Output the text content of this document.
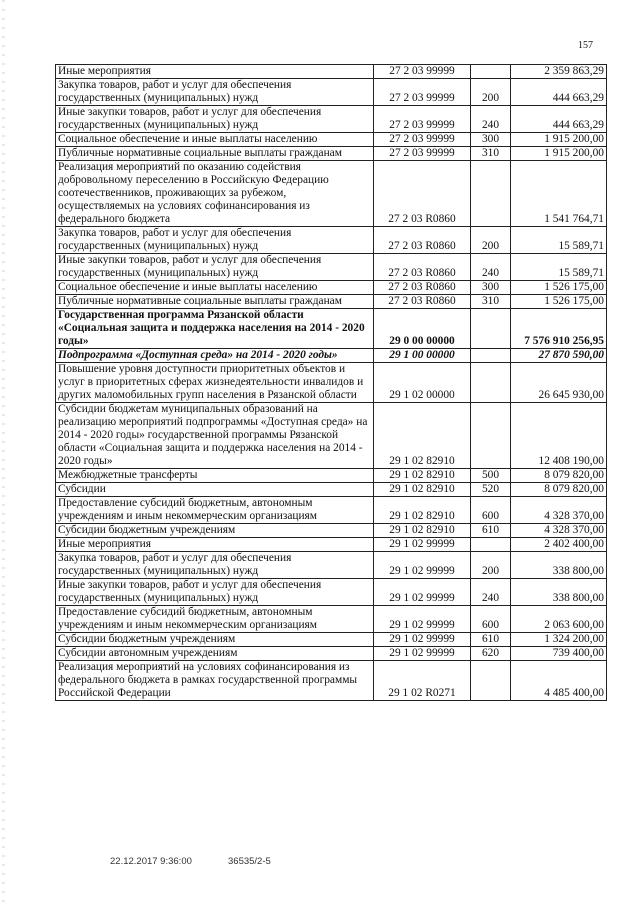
157
Иные мероприятия	27 2 03 99999		2 359 863,29
Закупка товаров, работ и услуг для обеспечения государственных (муниципальных) нужд	27 2 03 99999	200	444 663,29
Иные закупки товаров, работ и услуг для обеспечения государственных (муниципальных) нужд	27 2 03 99999	240	444 663,29
Социальное обеспечение и иные выплаты населению	27 2 03 99999	300	1 915 200,00
Публичные нормативные социальные выплаты гражданам	27 2 03 99999	310	1 915 200,00
Реализация мероприятий по оказанию содействия добровольному переселению в Российскую Федерацию соотечественников, проживающих за рубежом, осуществляемых на условиях софинансирования из федерального бюджета	27 2 03 R0860		1 541 764,71
Закупка товаров, работ и услуг для обеспечения государственных (муниципальных) нужд	27 2 03 R0860	200	15 589,71
Иные закупки товаров, работ и услуг для обеспечения государственных (муниципальных) нужд	27 2 03 R0860	240	15 589,71
Социальное обеспечение и иные выплаты населению	27 2 03 R0860	300	1 526 175,00
Публичные нормативные социальные выплаты гражданам	27 2 03 R0860	310	1 526 175,00
Государственная программа Рязанской области «Социальная защита и поддержка населения на 2014 - 2020 годы»	29 0 00 00000		7 576 910 256,95
Подпрограмма «Доступная среда» на 2014 - 2020 годы»	29 1 00 00000		27 870 590,00
Повышение уровня доступности приоритетных объектов и услуг в приоритетных сферах жизнедеятельности инвалидов и других маломобильных групп населения в Рязанской области	29 1 02 00000		26 645 930,00
Субсидии бюджетам муниципальных образований на реализацию мероприятий подпрограммы «Доступная среда» на 2014 - 2020 годы» государственной программы Рязанской области «Социальная защита и поддержка населения на 2014 - 2020 годы»	29 1 02 82910		12 408 190,00
Межбюджетные трансферты	29 1 02 82910	500	8 079 820,00
Субсидии	29 1 02 82910	520	8 079 820,00
Предоставление субсидий бюджетным, автономным учреждениям и иным некоммерческим организациям	29 1 02 82910	600	4 328 370,00
Субсидии бюджетным учреждениям	29 1 02 82910	610	4 328 370,00
Иные мероприятия	29 1 02 99999		2 402 400,00
Закупка товаров, работ и услуг для обеспечения государственных (муниципальных) нужд	29 1 02 99999	200	338 800,00
Иные закупки товаров, работ и услуг для обеспечения государственных (муниципальных) нужд	29 1 02 99999	240	338 800,00
Предоставление субсидий бюджетным, автономным учреждениям и иным некоммерческим организациям	29 1 02 99999	600	2 063 600,00
Субсидии бюджетным учреждениям	29 1 02 99999	610	1 324 200,00
Субсидии автономным учреждениям	29 1 02 99999	620	739 400,00
Реализация мероприятий на условиях софинансирования из федерального бюджета в рамках государственной программы Российской Федерации	29 1 02 R0271		4 485 400,00
22.12.2017 9:36:00	36535/2-5
